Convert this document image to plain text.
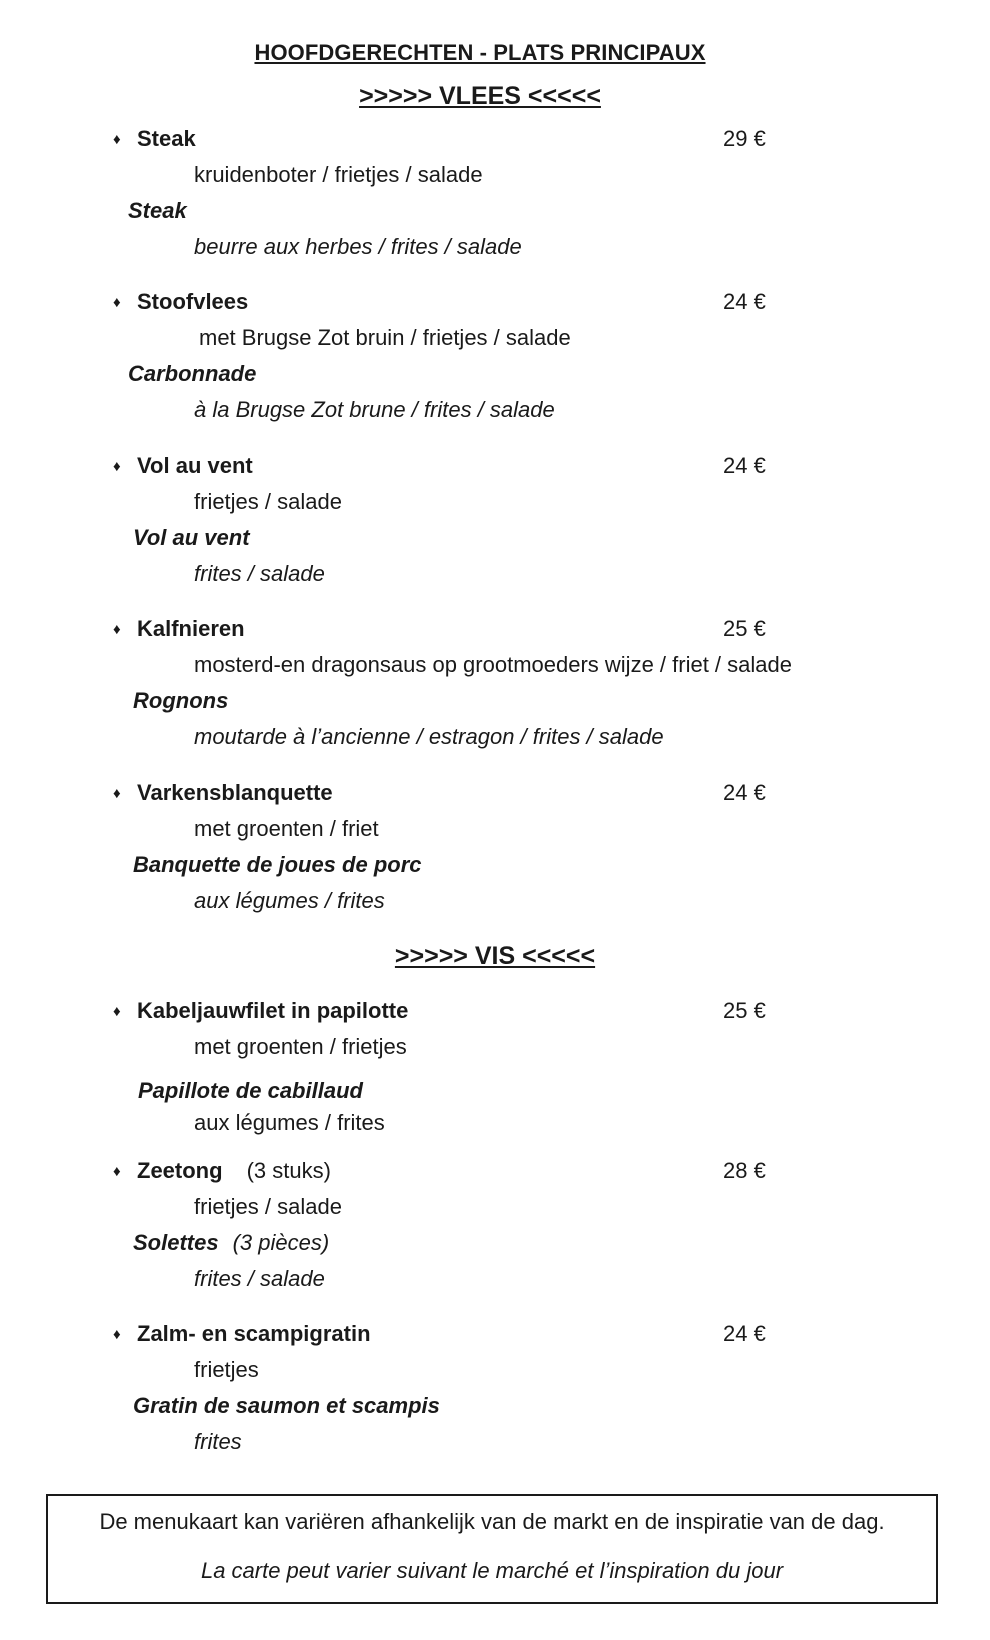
HOOFDGERECHTEN - PLATS PRINCIPAUX
>>>>> VLEES <<<<<
♦ Steak	29 €
kruidenboter / frietjes / salade
Steak
beurre aux herbes / frites / salade
♦ Stoofvlees	24 €
met Brugse Zot bruin / frietjes / salade
Carbonnade
à la Brugse Zot brune / frites / salade
♦ Vol au vent	24 €
frietjes / salade
Vol au vent
frites / salade
♦ Kalfnieren	25 €
mosterd-en dragonsaus op grootmoeders wijze / friet / salade
Rognons
moutarde à l’ancienne / estragon / frites / salade
♦ Varkensblanquette	24 €
met groenten / friet
Banquette de joues de porc
aux légumes / frites
>>>>> VIS <<<<<
♦ Kabeljauwfilet in papilotte	25 €
met groenten / frietjes
Papillote de cabillaud
aux légumes / frites
♦ Zeetong (3 stuks)	28 €
frietjes / salade
Solettes (3 pièces)
frites / salade
♦ Zalm- en scampigratin	24 €
frietjes
Gratin de saumon et scampis
frites
De menukaart kan variëren afhankelijk van de markt en de inspiratie van de dag.
La carte peut varier suivant le marché et l’inspiration du jour
